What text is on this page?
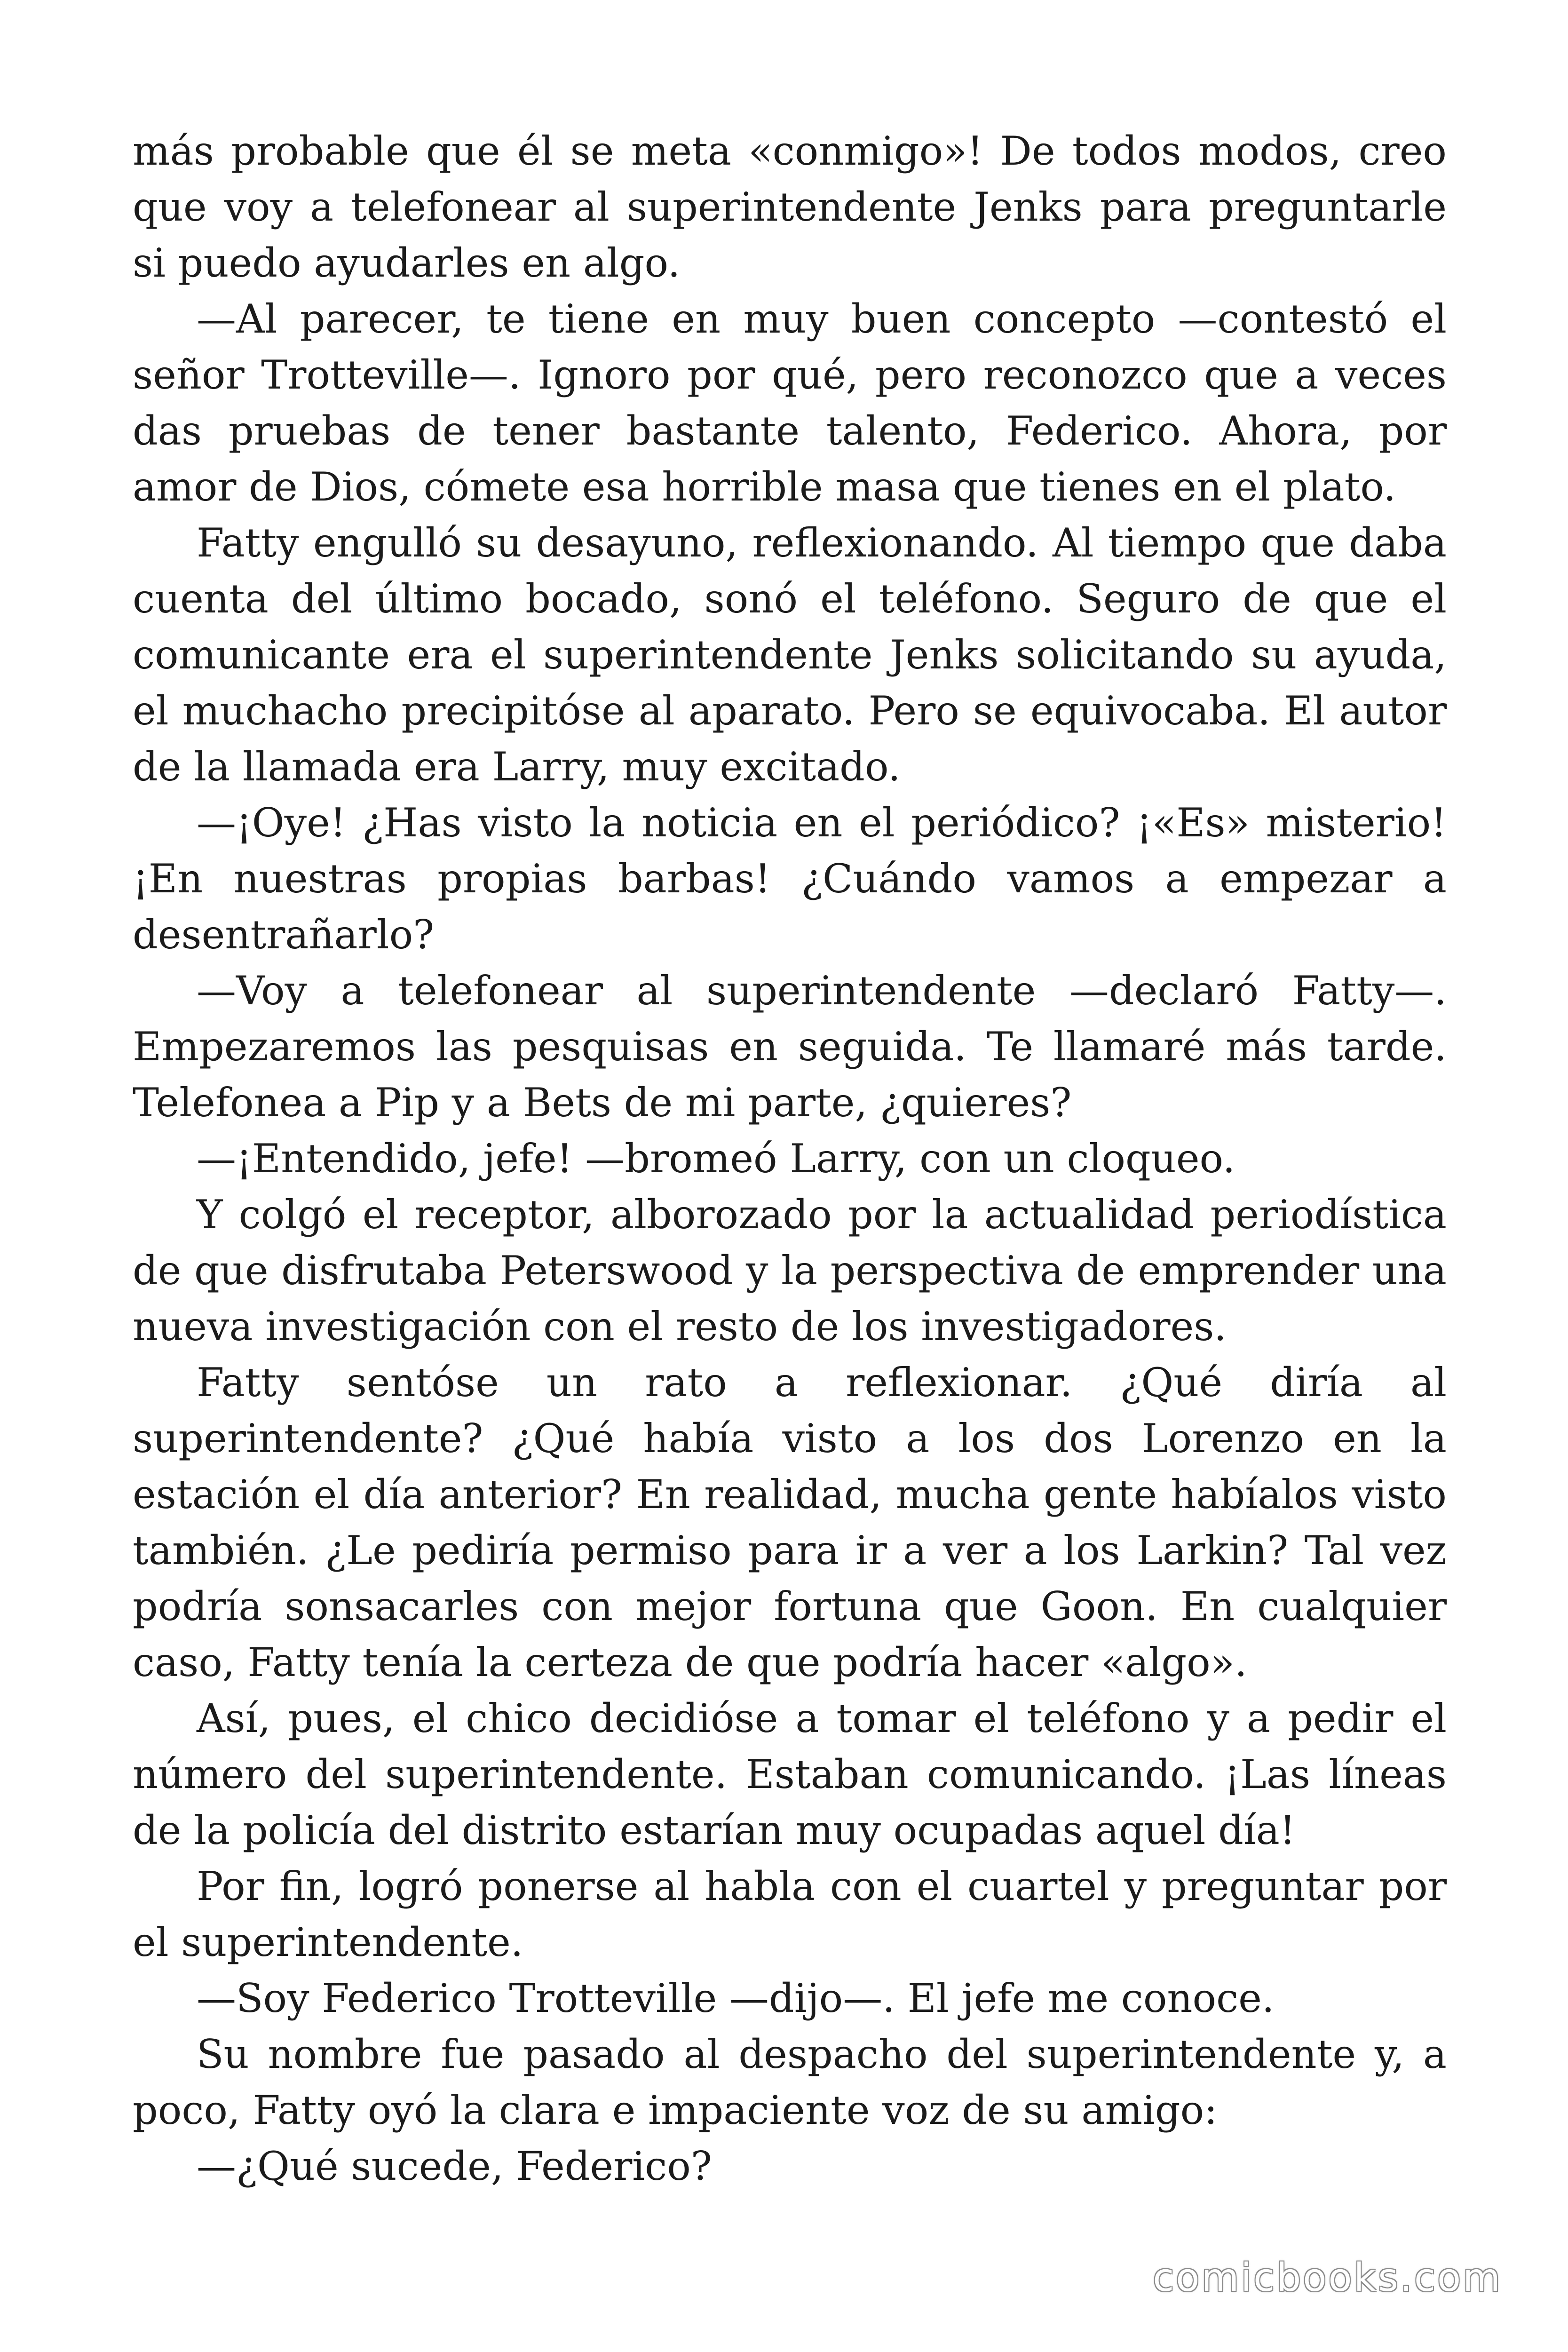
más probable que él se meta «conmigo»! De todos modos, creo que voy a telefonear al superintendente Jenks para preguntarle si puedo ayudarles en algo.

—Al parecer, te tiene en muy buen concepto —contestó el señor Trotteville—. Ignoro por qué, pero reconozco que a veces das pruebas de tener bastante talento, Federico. Ahora, por amor de Dios, cómete esa horrible masa que tienes en el plato.

Fatty engulló su desayuno, reflexionando. Al tiempo que daba cuenta del último bocado, sonó el teléfono. Seguro de que el comunicante era el superintendente Jenks solicitando su ayuda, el muchacho precipitóse al aparato. Pero se equivocaba. El autor de la llamada era Larry, muy excitado.

—¡Oye! ¿Has visto la noticia en el periódico? ¡«Es» misterio! ¡En nuestras propias barbas! ¿Cuándo vamos a empezar a desentrañarlo?

—Voy a telefonear al superintendente —declaró Fatty—. Empezaremos las pesquisas en seguida. Te llamaré más tarde. Telefonea a Pip y a Bets de mi parte, ¿quieres?

—¡Entendido, jefe! —bromeó Larry, con un cloqueo.

Y colgó el receptor, alborozado por la actualidad periodística de que disfrutaba Peterswood y la perspectiva de emprender una nueva investigación con el resto de los investigadores.

Fatty sentóse un rato a reflexionar. ¿Qué diría al superintendente? ¿Qué había visto a los dos Lorenzo en la estación el día anterior? En realidad, mucha gente habíalos visto también. ¿Le pediría permiso para ir a ver a los Larkin? Tal vez podría sonsacarles con mejor fortuna que Goon. En cualquier caso, Fatty tenía la certeza de que podría hacer «algo».

Así, pues, el chico decidióse a tomar el teléfono y a pedir el número del superintendente. Estaban comunicando. ¡Las líneas de la policía del distrito estarían muy ocupadas aquel día!

Por fin, logró ponerse al habla con el cuartel y preguntar por el superintendente.

—Soy Federico Trotteville —dijo—. El jefe me conoce.

Su nombre fue pasado al despacho del superintendente y, a poco, Fatty oyó la clara e impaciente voz de su amigo:

—¿Qué sucede, Federico?

comicbooks.com
